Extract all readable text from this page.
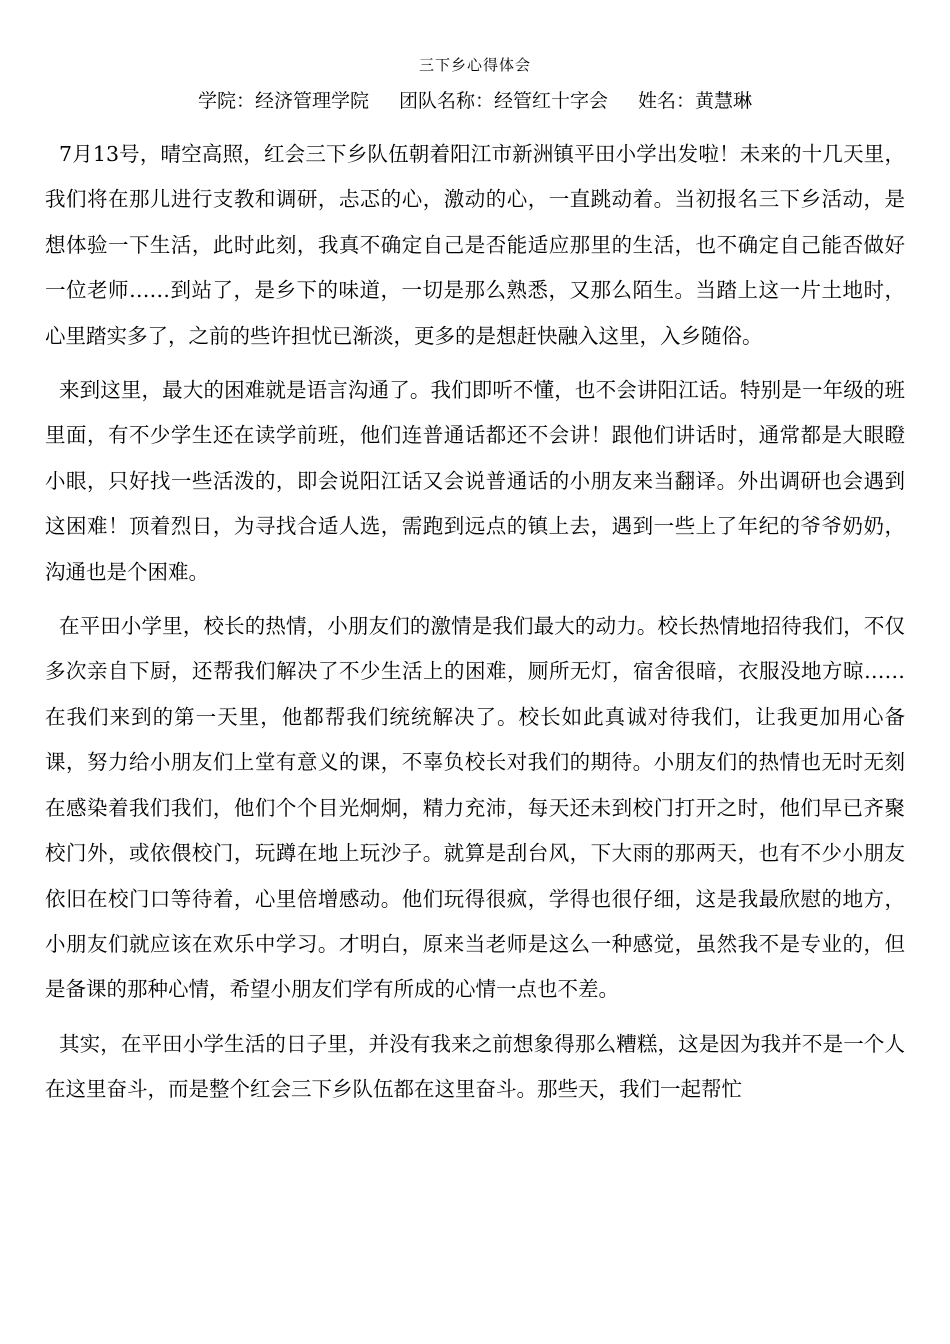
三下乡心得体会
学院：经济管理学院 团队名称：经管红十字会 姓名：黄慧琳

7月13号，晴空高照，红会三下乡队伍朝着阳江市新洲镇平田小学出发啦！未来的十几天里，我们将在那儿进行支教和调研，忐忑的心，激动的心，一直跳动着。当初报名三下乡活动，是想体验一下生活，此时此刻，我真不确定自己是否能适应那里的生活，也不确定自己能否做好一位老师……到站了，是乡下的味道，一切是那么熟悉，又那么陌生。当踏上这一片土地时，心里踏实多了，之前的些许担忧已渐淡，更多的是想赶快融入这里，入乡随俗。

来到这里，最大的困难就是语言沟通了。我们即听不懂，也不会讲阳江话。特别是一年级的班里面，有不少学生还在读学前班，他们连普通话都还不会讲！跟他们讲话时，通常都是大眼瞪小眼，只好找一些活泼的，即会说阳江话又会说普通话的小朋友来当翻译。外出调研也会遇到这困难！顶着烈日，为寻找合适人选，需跑到远点的镇上去，遇到一些上了年纪的爷爷奶奶，沟通也是个困难。

在平田小学里，校长的热情，小朋友们的激情是我们最大的动力。校长热情地招待我们，不仅多次亲自下厨，还帮我们解决了不少生活上的困难，厕所无灯，宿舍很暗，衣服没地方晾……在我们来到的第一天里，他都帮我们统统解决了。校长如此真诚对待我们，让我更加用心备课，努力给小朋友们上堂有意义的课，不辜负校长对我们的期待。小朋友们的热情也无时无刻在感染着我们我们，他们个个目光炯炯，精力充沛，每天还未到校门打开之时，他们早已齐聚校门外，或依偎校门，玩蹲在地上玩沙子。就算是刮台风，下大雨的那两天，也有不少小朋友依旧在校门口等待着，心里倍增感动。他们玩得很疯，学得也很仔细，这是我最欣慰的地方，小朋友们就应该在欢乐中学习。才明白，原来当老师是这么一种感觉，虽然我不是专业的，但是备课的那种心情，希望小朋友们学有所成的心情一点也不差。

其实，在平田小学生活的日子里，并没有我来之前想象得那么糟糕，这是因为我并不是一个人在这里奋斗，而是整个红会三下乡队伍都在这里奋斗。那些天，我们一起帮忙
